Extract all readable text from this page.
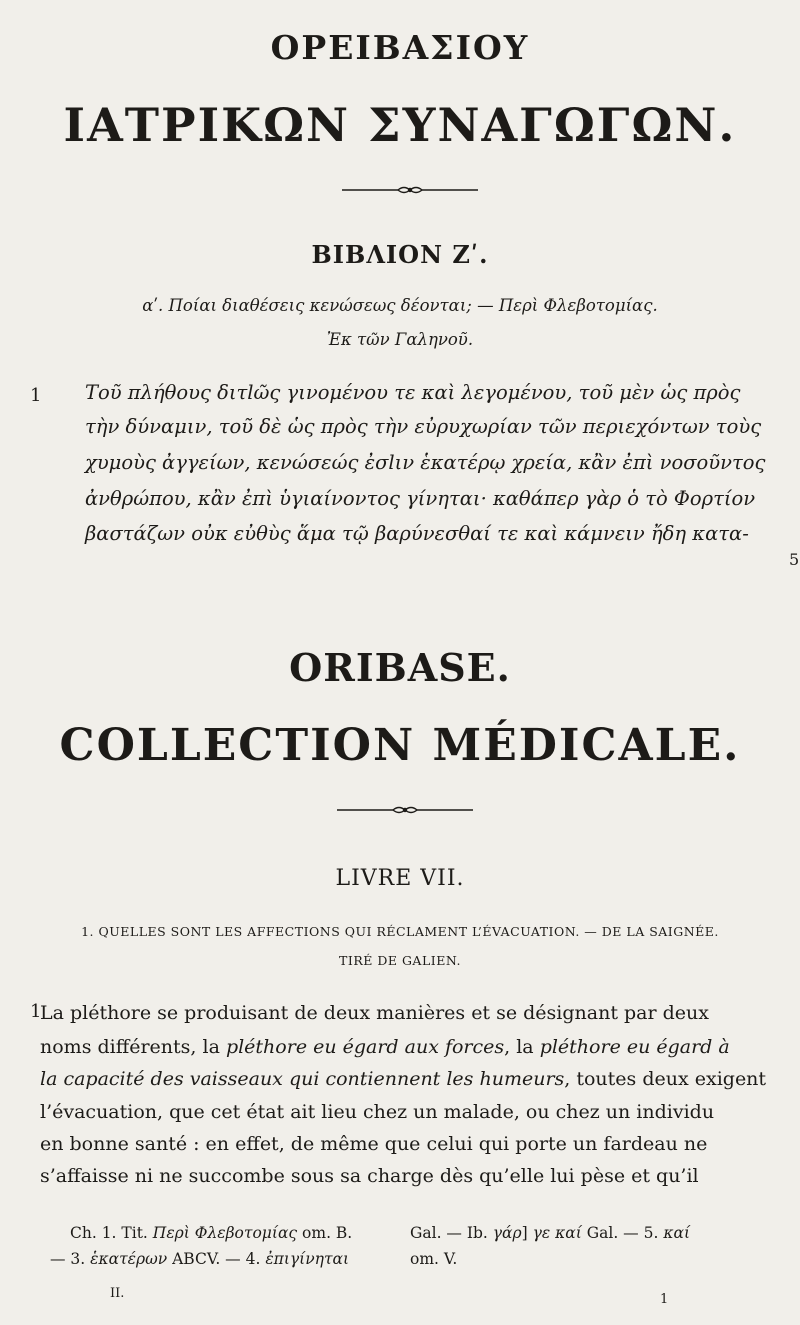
ΟΡΕΙΒΑΣΙΟΥ
ΙΑΤΡΙΚΩΝ ΣΥΝΑΓΩΓΩΝ.
ΒΙΒΛΙΟΝ Ζʹ.
αʹ. Ποίαι διαθέσεις κενώσεως δέονται; — Περὶ Φλεβοτομίας.
Ἐκ τῶν Γαληνοῦ.
1
5
Τοῦ πλήθους διτlῶς γινομένου τε καὶ λεγομένου, τοῦ μὲν ὡς πρὸς
τὴν δύναμιν, τοῦ δὲ ὡς πρὸς τὴν εὐρυχωρίαν τῶν περιεχόντων τοὺς
χυμοὺς ἀγγείων, κενώσεώς ἐσlιν ἑκατέρῳ χρεία, κἂν ἐπὶ νοσοῦντος
ἀνθρώπου, κἂν ἐπὶ ὑγιαίνοντος γίνηται· καθάπερ γὰρ ὁ τὸ Φορτίον
βαστάζων οὐκ εὐθὺς ἅμα τῷ βαρύνεσθαί τε καὶ κάμνειν ἤδη κατα-
ORIBASE.
COLLECTION MÉDICALE.
LIVRE VII.
1. QUELLES SONT LES AFFECTIONS QUI RÉCLAMENT L’ÉVACUATION. — DE LA SAIGNÉE.
TIRÉ DE GALIEN.
1
La pléthore se produisant de deux manières et se désignant par deux
noms différents, la pléthore eu égard aux forces, la pléthore eu égard à
la capacité des vaisseaux qui contiennent les humeurs, toutes deux exigent
l’évacuation, que cet état ait lieu chez un malade, ou chez un individu
en bonne santé : en effet, de même que celui qui porte un fardeau ne
s’affaisse ni ne succombe sous sa charge dès qu’elle lui pèse et qu’il
Ch. 1. Tit. Περὶ Φλεβοτομίας om. B.
— 3. ἑκατέρων ABCV. — 4. ἐπιγίνηται
Gal. — Ib. γάρ] γε καί Gal. — 5. καί
om. V.
II.	1
